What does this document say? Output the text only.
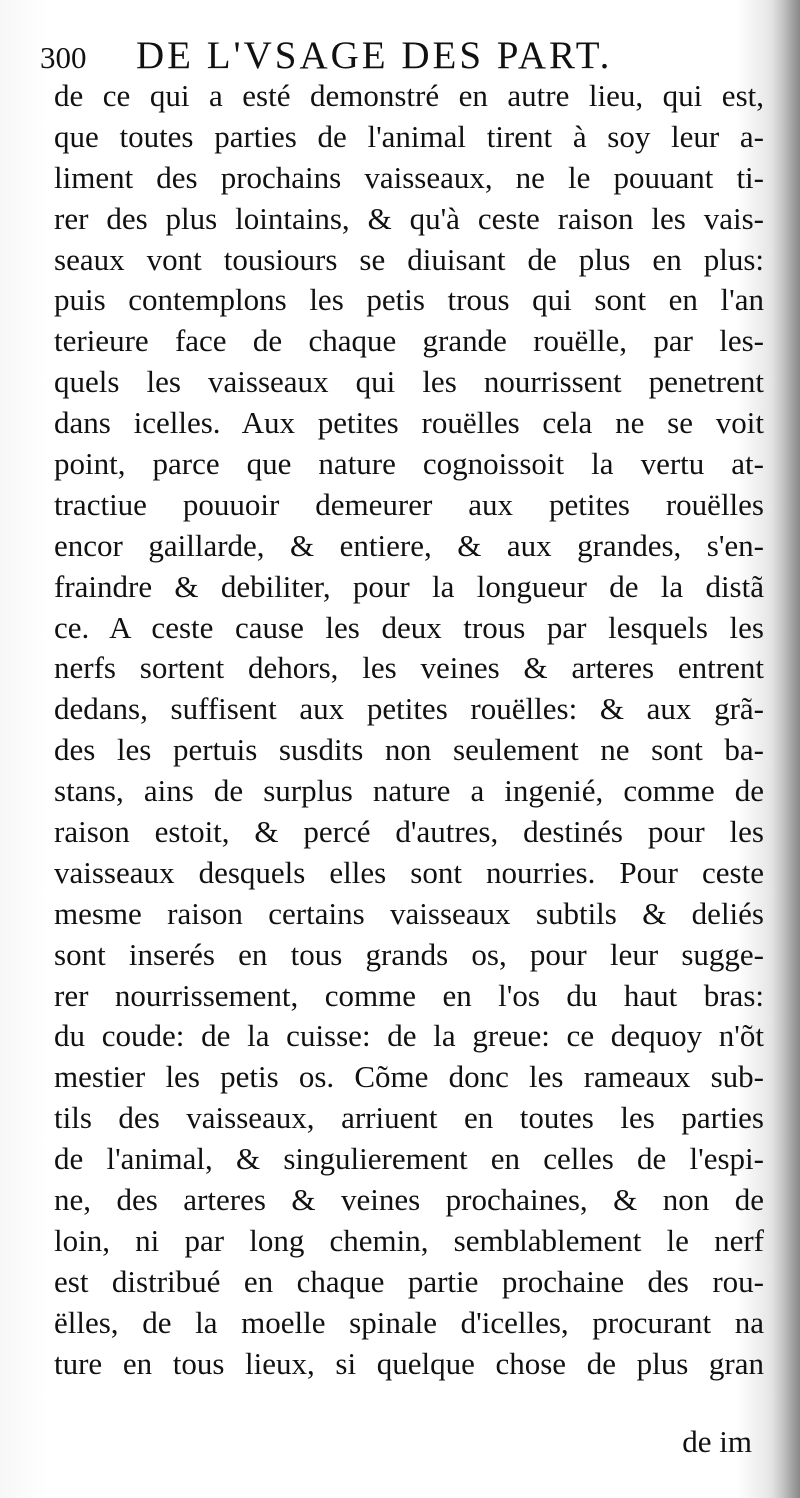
300 DE L'VSAGE DES PART.
de ce qui a esté demonstré en autre lieu, qui est,
que toutes parties de l'animal tirent à soy leur a-
liment des prochains vaisseaux, ne le pouuant ti-
rer des plus lointains, & qu'à ceste raison les vais-
seaux vont tousiours se diuisant de plus en plus:
puis contemplons les petis trous qui sont en l'an
terieure face de chaque grande rouëlle, par les-
quels les vaisseaux qui les nourrissent penetrent
dans icelles. Aux petites rouëlles cela ne se voit
point, parce que nature cognoissoit la vertu at-
tractiue pouuoir demeurer aux petites rouëlles
encor gaillarde, & entiere, & aux grandes, s'en-
fraindre & debiliter, pour la longueur de la distã
ce. A ceste cause les deux trous par lesquels les
nerfs sortent dehors, les veines & arteres entrent
dedans, suffisent aux petites rouëlles: & aux grã-
des les pertuis susdits non seulement ne sont ba-
stans, ains de surplus nature a ingenié, comme de
raison estoit, & percé d'autres, destinés pour les
vaisseaux desquels elles sont nourries. Pour ceste
mesme raison certains vaisseaux subtils & deliés
sont inserés en tous grands os, pour leur sugge-
rer nourrissement, comme en l'os du haut bras:
du coude: de la cuisse: de la greue: ce dequoy n'õt
mestier les petis os. Cõme donc les rameaux sub-
tils des vaisseaux, arriuent en toutes les parties
de l'animal, & singulierement en celles de l'espi-
ne, des arteres & veines prochaines, & non de
loin, ni par long chemin, semblablement le nerf
est distribué en chaque partie prochaine des rou-
ëlles, de la moelle spinale d'icelles, procurant na
ture en tous lieux, si quelque chose de plus gran
de im
